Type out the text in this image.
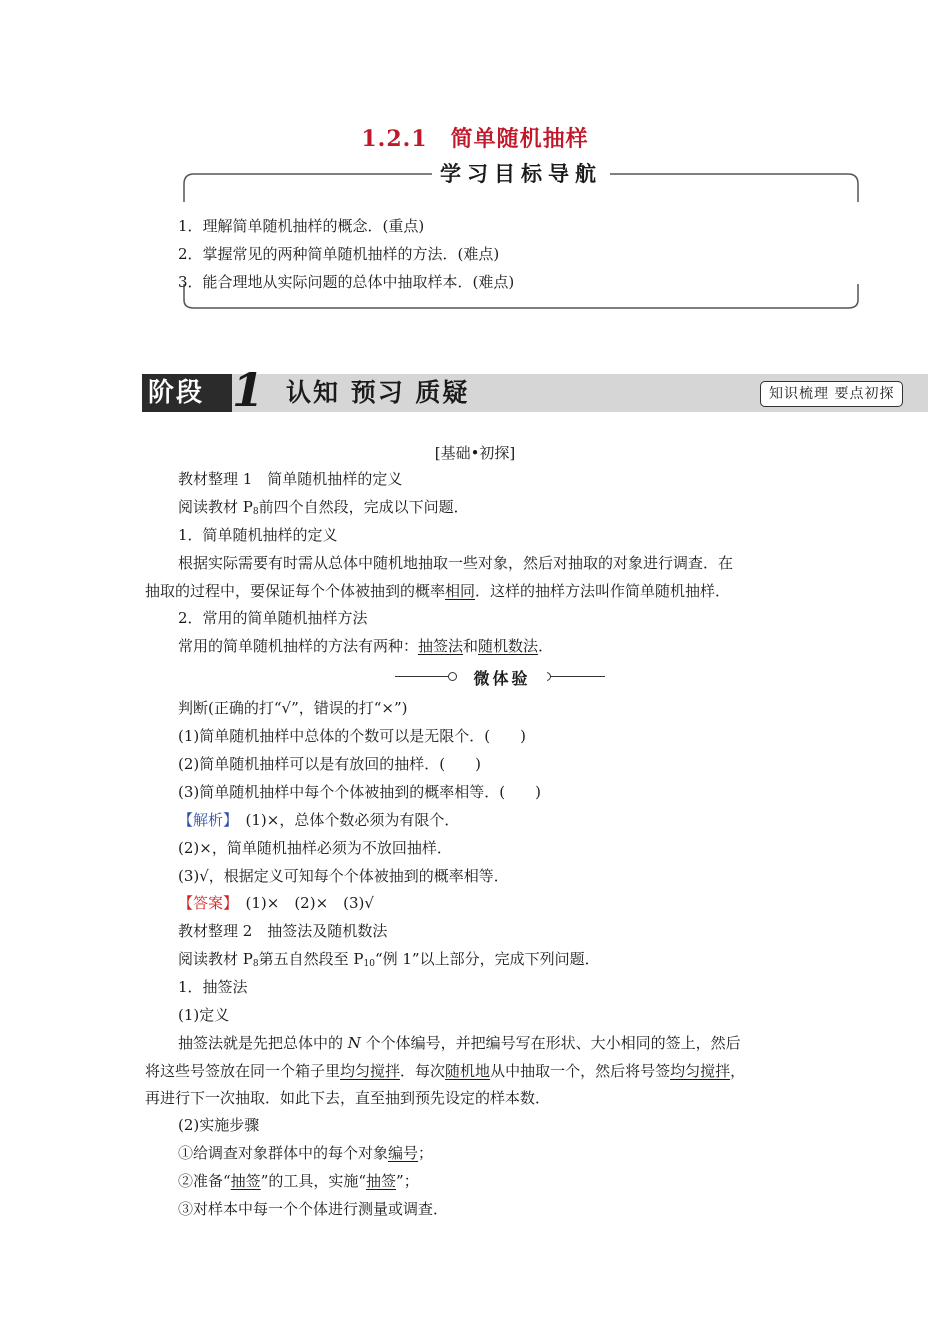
1.2.1　简单随机抽样
学习目标导航
1．理解简单随机抽样的概念．(重点)
2．掌握常见的两种简单随机抽样的方法．(难点)
3．能合理地从实际问题的总体中抽取样本．(难点)
阶段 1 认知 预习 质疑	知识梳理 要点初探
[基础•初探]
教材整理 1　简单随机抽样的定义
阅读教材 $P_8$前四个自然段，完成以下问题．
1．简单随机抽样的定义
根据实际需要有时需从总体中随机地抽取一些对象，然后对抽取的对象进行调查．在
抽取的过程中，要保证每个个体被抽到的概率相同．这样的抽样方法叫作简单随机抽样．
2．常用的简单随机抽样方法
常用的简单随机抽样的方法有两种：抽签法和随机数法．
微体验
判断(正确的打“√”，错误的打“×”)
(1)简单随机抽样中总体的个数可以是无限个．(　　)
(2)简单随机抽样可以是有放回的抽样．(　　)
(3)简单随机抽样中每个个体被抽到的概率相等．(　　)
【解析】　(1)×，总体个数必须为有限个．
(2)×，简单随机抽样必须为不放回抽样．
(3)√，根据定义可知每个个体被抽到的概率相等．
【答案】　(1)×　(2)×　(3)√
教材整理 2　抽签法及随机数法
阅读教材 $P_8$第五自然段至 $P_{10}“$例 1”以上部分，完成下列问题．
1．抽签法
(1)定义
抽签法就是先把总体中的 N 个个体编号，并把编号写在形状、大小相同的签上，然后
将这些号签放在同一个箱子里均匀搅拌．每次随机地从中抽取一个，然后将号签均匀搅拌，
再进行下一次抽取．如此下去，直至抽到预先设定的样本数．
(2)实施步骤
①给调查对象群体中的每个对象编号；
②准备“抽签”的工具，实施“抽签”；
③对样本中每一个个体进行测量或调查．
